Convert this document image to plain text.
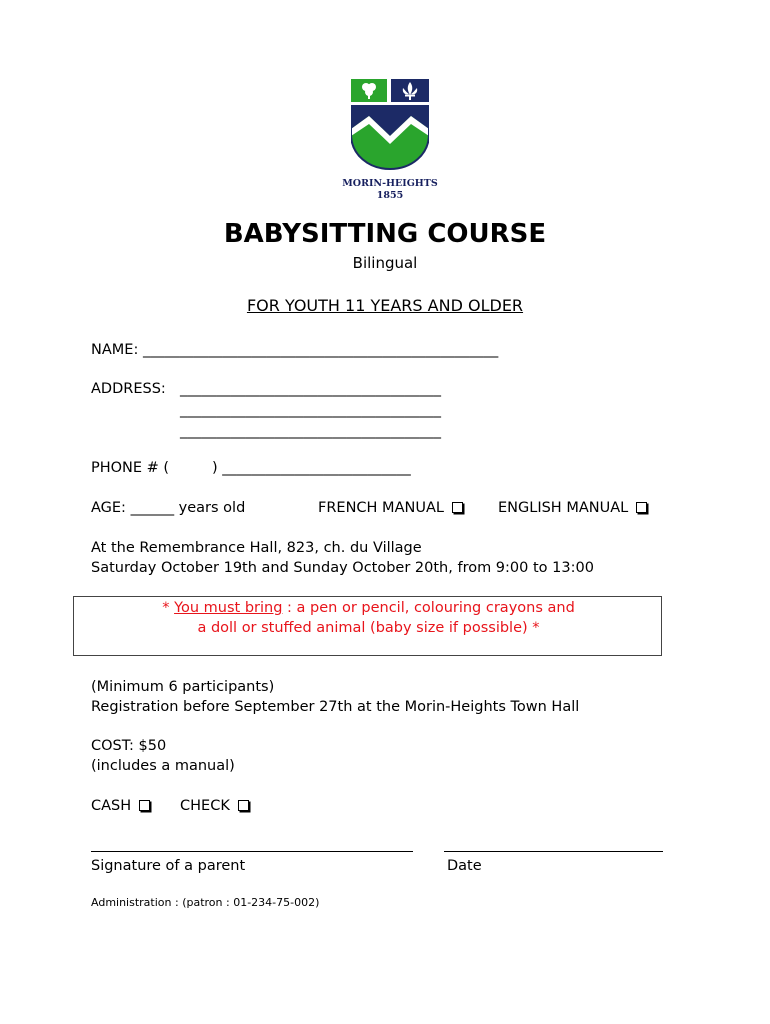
MORIN-HEIGHTS
1855
BABYSITTING COURSE
Bilingual
FOR YOUTH 11 YEARS AND OLDER
NAME: _________________________________________________
ADDRESS: ____________________________________
____________________________________
____________________________________
PHONE # (	) __________________________
AGE: ______ years old	FRENCH MANUAL	ENGLISH MANUAL
At the Remembrance Hall, 823, ch. du Village
Saturday October 19th and Sunday October 20th, from 9:00 to 13:00
* You must bring : a pen or pencil, colouring crayons and
a doll or stuffed animal (baby size if possible) *
(Minimum 6 participants)
Registration before September 27th at the Morin-Heights Town Hall
COST: $50
(includes a manual)
CASH	CHECK
Signature of a parent	Date
Administration : (patron : 01-234-75-002)
